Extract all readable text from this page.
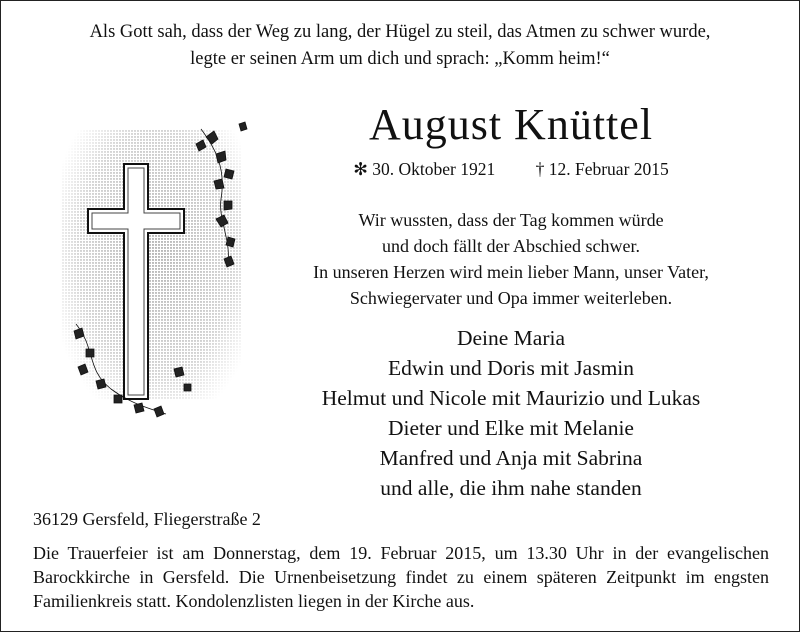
Als Gott sah, dass der Weg zu lang, der Hügel zu steil, das Atmen zu schwer wurde,
legte er seinen Arm um dich und sprach: „Komm heim!“
August Knüttel
✻ 30. Oktober 1921 † 12. Februar 2015
Wir wussten, dass der Tag kommen würde
und doch fällt der Abschied schwer.
In unseren Herzen wird mein lieber Mann, unser Vater,
Schwiegervater und Opa immer weiterleben.
Deine Maria
Edwin und Doris mit Jasmin
Helmut und Nicole mit Maurizio und Lukas
Dieter und Elke mit Melanie
Manfred und Anja mit Sabrina
und alle, die ihm nahe standen
36129 Gersfeld, Fliegerstraße 2
Die Trauerfeier ist am Donnerstag, dem 19. Februar 2015, um 13.30 Uhr in der evangelischen Barockkirche in Gersfeld. Die Urnenbeisetzung findet zu einem späteren Zeitpunkt im engsten Familienkreis statt. Kondolenzlisten liegen in der Kirche aus.
